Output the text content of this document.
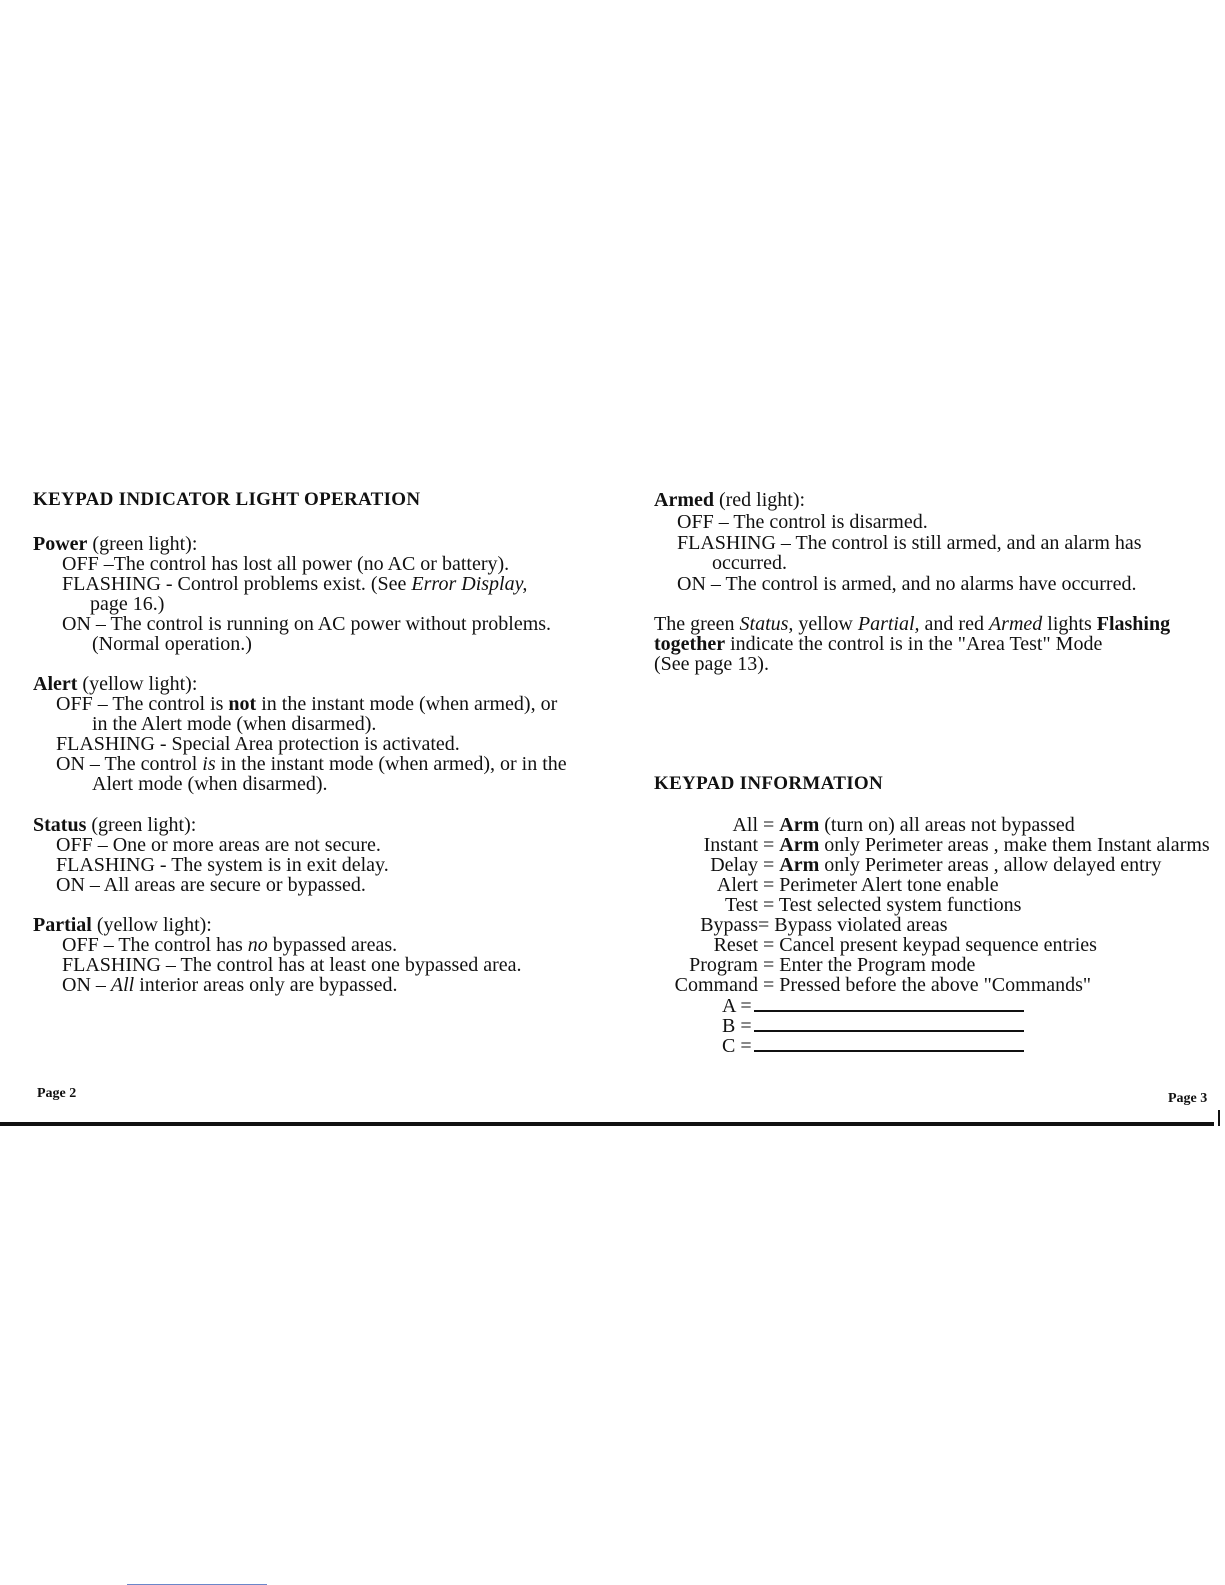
KEYPAD INDICATOR LIGHT OPERATION
Power (green light):
OFF –The control has lost all power (no AC or battery).
FLASHING - Control problems exist. (See Error Display,
page 16.)
ON – The control is running on AC power without problems.
(Normal operation.)
Alert (yellow light):
OFF – The control is not in the instant mode (when armed), or
in the Alert mode (when disarmed).
FLASHING - Special Area protection is activated.
ON – The control is in the instant mode (when armed), or in the
Alert mode (when disarmed).
Status (green light):
OFF – One or more areas are not secure.
FLASHING - The system is in exit delay.
ON – All areas are secure or bypassed.
Partial (yellow light):
OFF – The control has no bypassed areas.
FLASHING – The control has at least one bypassed area.
ON – All interior areas only are bypassed.
Page 2
Armed (red light):
OFF – The control is disarmed.
FLASHING – The control is still armed, and an alarm has
occurred.
ON – The control is armed, and no alarms have occurred.
The green Status, yellow Partial, and red Armed lights Flashing
together indicate the control is in the "Area Test" Mode
(See page 13).
KEYPAD INFORMATION
All = Arm (turn on) all areas not bypassed
Instant = Arm only Perimeter areas , make them Instant alarms
Delay = Arm only Perimeter areas , allow delayed entry
Alert = Perimeter Alert tone enable
Test = Test selected system functions
Bypass= Bypass violated areas
Reset = Cancel present keypad sequence entries
Program = Enter the Program mode
Command = Pressed before the above "Commands"
A =
B =
C =
Page 3
